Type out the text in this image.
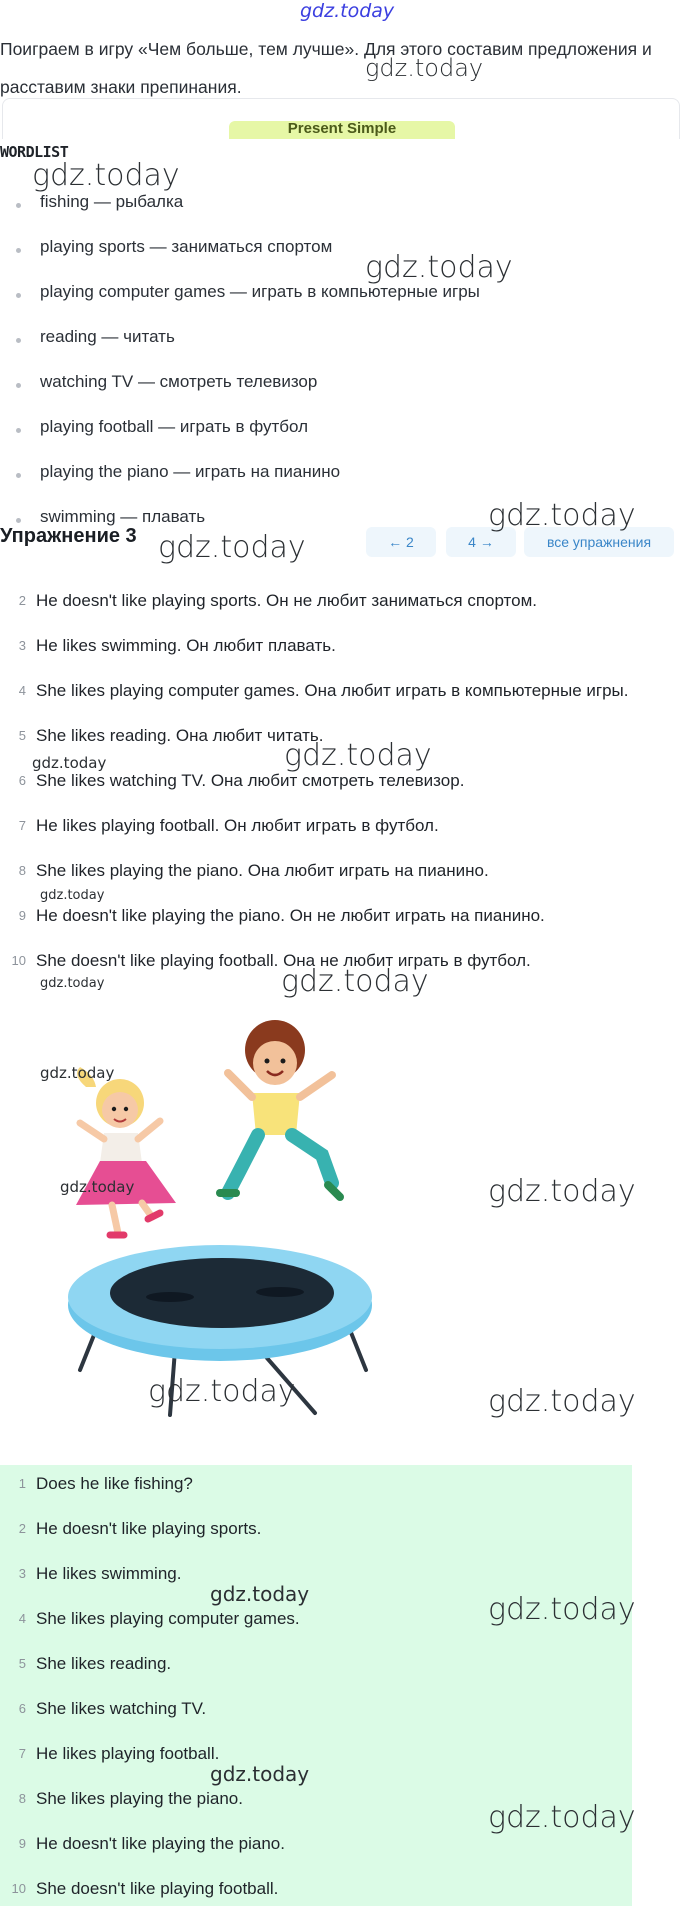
gdz.today
Поиграем в игру «Чем больше, тем лучше». Для этого составим предложения и расставим знаки препинания.
Present Simple
WORDLIST
fishing — рыбалка
playing sports — заниматься спортом
playing computer games — играть в компьютерные игры
reading — читать
watching TV — смотреть телевизор
playing football — играть в футбол
playing the piano — играть на пианино
Упражнение 3	← 2	4 →	все упражнения
swimming — плавать
2 He doesn't like playing sports. Он не любит заниматься спортом.
3 He likes swimming. Он любит плавать.
4 She likes playing computer games. Она любит играть в компьютерные игры.
5 She likes reading. Она любит читать.
6 She likes watching TV. Она любит смотреть телевизор.
7 He likes playing football. Он любит играть в футбол.
8 She likes playing the piano. Она любит играть на пианино.
9 He doesn't like playing the piano. Он не любит играть на пианино.
10 She doesn't like playing football. Она не любит играть в футбол.
1 Does he like fishing?
2 He doesn't like playing sports.
3 He likes swimming.
4 She likes playing computer games.
5 She likes reading.
6 She likes watching TV.
7 He likes playing football.
8 She likes playing the piano.
9 He doesn't like playing the piano.
10 She doesn't like playing football.
gdz.today
gdz.today
gdz.today
gdz.today
gdz.today
gdz.today
gdz.today
gdz.today
gdz.today
gdz.today
gdz.today
gdz.today	gdz.today
gdz.today	gdz.today
gdz.today	gdz.today
gdz.today
gdz.today
